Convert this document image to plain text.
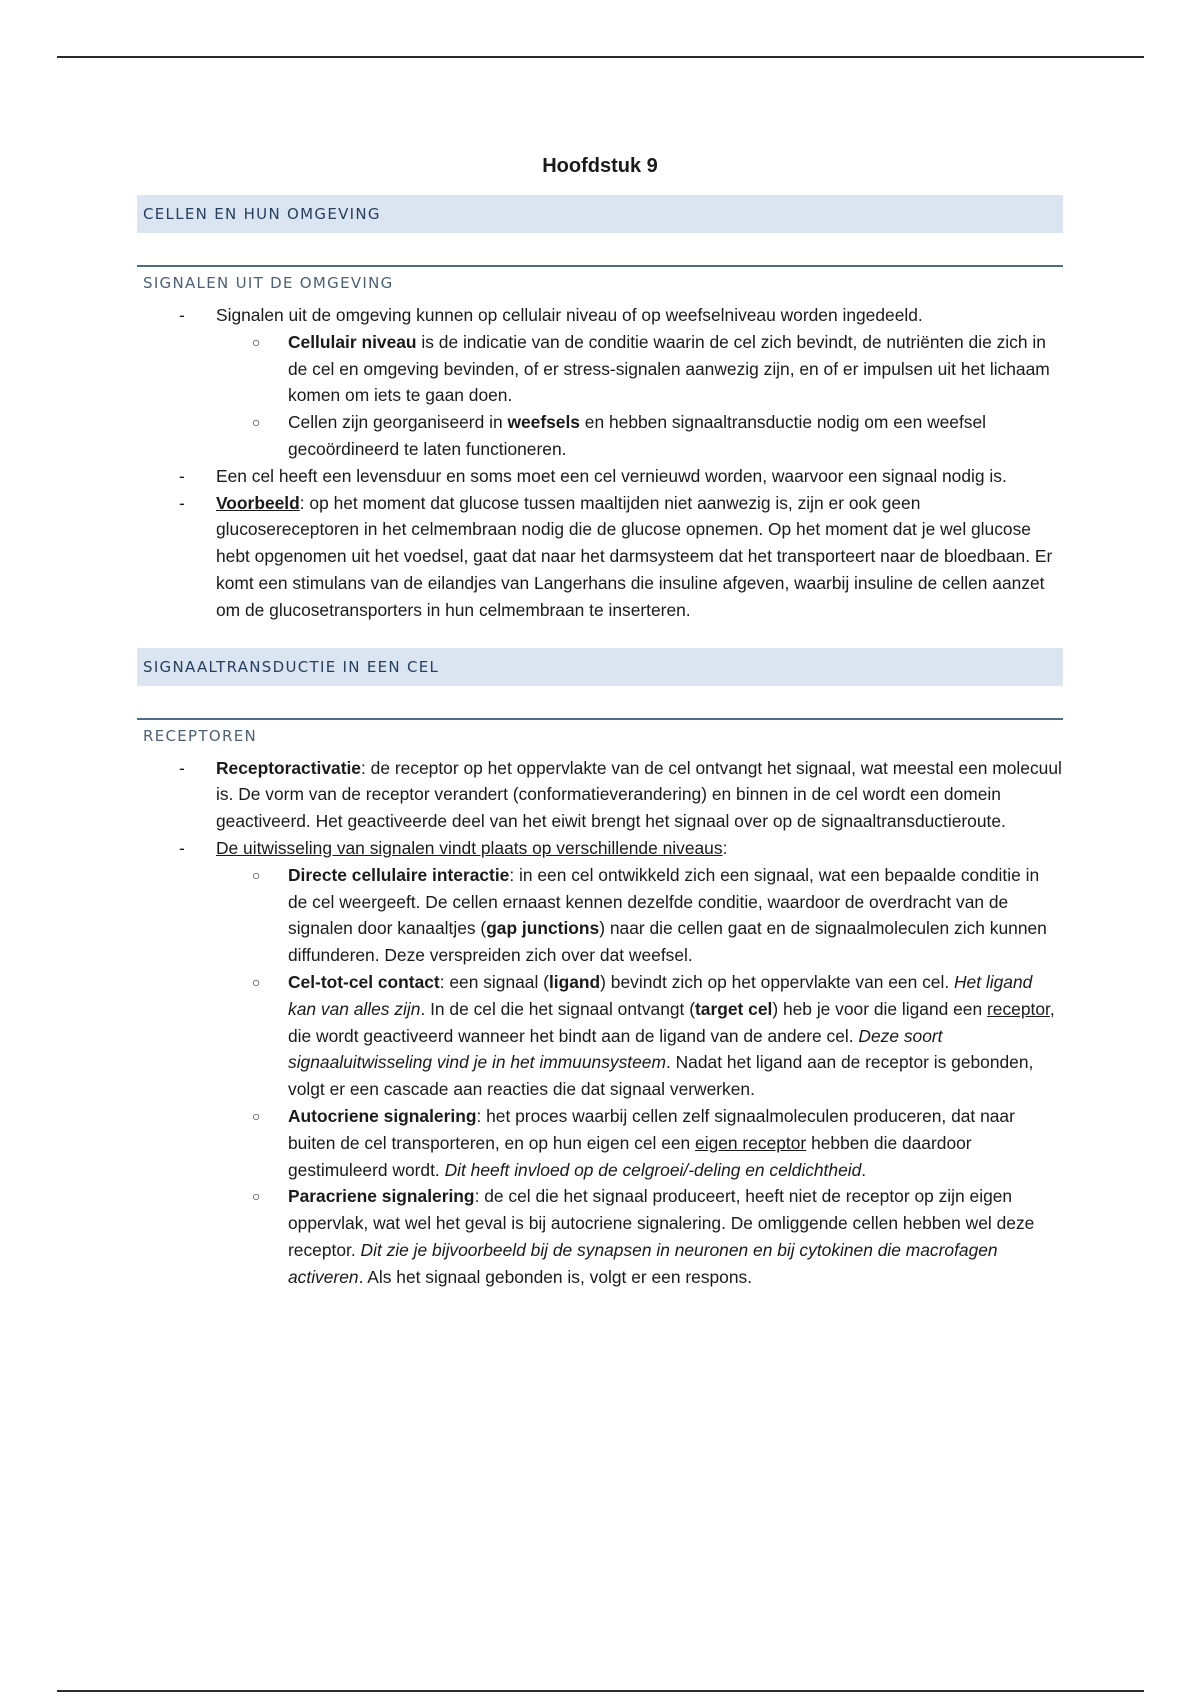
Hoofdstuk 9
CELLEN EN HUN OMGEVING
SIGNALEN UIT DE OMGEVING
- Signalen uit de omgeving kunnen op cellulair niveau of op weefselniveau worden ingedeeld.
○ Cellulair niveau is de indicatie van de conditie waarin de cel zich bevindt, de nutriënten die zich in de cel en omgeving bevinden, of er stress-signalen aanwezig zijn, en of er impulsen uit het lichaam komen om iets te gaan doen.
○ Cellen zijn georganiseerd in weefsels en hebben signaaltransductie nodig om een weefsel gecoördineerd te laten functioneren.
- Een cel heeft een levensduur en soms moet een cel vernieuwd worden, waarvoor een signaal nodig is.
- Voorbeeld: op het moment dat glucose tussen maaltijden niet aanwezig is, zijn er ook geen glucosereceptoren in het celmembraan nodig die de glucose opnemen. Op het moment dat je wel glucose hebt opgenomen uit het voedsel, gaat dat naar het darmsysteem dat het transporteert naar de bloedbaan. Er komt een stimulans van de eilandjes van Langerhans die insuline afgeven, waarbij insuline de cellen aanzet om de glucosetransporters in hun celmembraan te inserteren.
SIGNAALTRANSDUCTIE IN EEN CEL
RECEPTOREN
- Receptoractivatie: de receptor op het oppervlakte van de cel ontvangt het signaal, wat meestal een molecuul is. De vorm van de receptor verandert (conformatieverandering) en binnen in de cel wordt een domein geactiveerd. Het geactiveerde deel van het eiwit brengt het signaal over op de signaaltransductieroute.
- De uitwisseling van signalen vindt plaats op verschillende niveaus:
○ Directe cellulaire interactie: in een cel ontwikkeld zich een signaal, wat een bepaalde conditie in de cel weergeeft. De cellen ernaast kennen dezelfde conditie, waardoor de overdracht van de signalen door kanaaltjes (gap junctions) naar die cellen gaat en de signaalmoleculen zich kunnen diffunderen. Deze verspreiden zich over dat weefsel.
○ Cel-tot-cel contact: een signaal (ligand) bevindt zich op het oppervlakte van een cel. Het ligand kan van alles zijn. In de cel die het signaal ontvangt (target cel) heb je voor die ligand een receptor, die wordt geactiveerd wanneer het bindt aan de ligand van de andere cel. Deze soort signaaluitwisseling vind je in het immuunsysteem. Nadat het ligand aan de receptor is gebonden, volgt er een cascade aan reacties die dat signaal verwerken.
○ Autocriene signalering: het proces waarbij cellen zelf signaalmoleculen produceren, dat naar buiten de cel transporteren, en op hun eigen cel een eigen receptor hebben die daardoor gestimuleerd wordt. Dit heeft invloed op de celgroei/-deling en celdichtheid.
○ Paracriene signalering: de cel die het signaal produceert, heeft niet de receptor op zijn eigen oppervlak, wat wel het geval is bij autocriene signalering. De omliggende cellen hebben wel deze receptor. Dit zie je bijvoorbeeld bij de synapsen in neuronen en bij cytokinen die macrofagen activeren. Als het signaal gebonden is, volgt er een respons.
